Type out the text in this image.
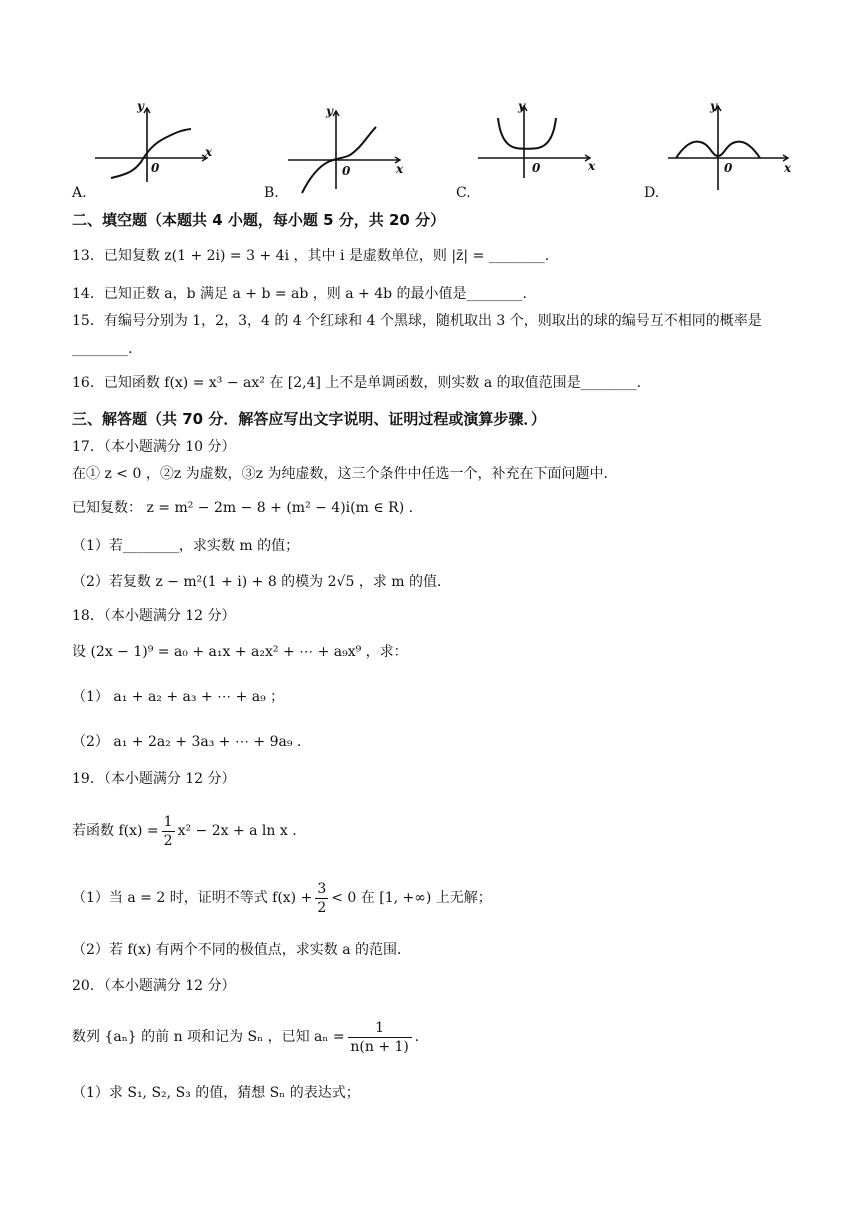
y
x
0
A.
y
x
0
B.
y
x
0
C.
y
x
0
D.
二、填空题（本题共 4 小题，每小题 5 分，共 20 分）
13．已知复数 z(1 + 2i) = 3 + 4i ，其中 i 是虚数单位，则 |z̄| = ________.
14．已知正数 a，b 满足 a + b = ab ，则 a + 4b 的最小值是________.
15．有编号分别为 1，2，3，4 的 4 个红球和 4 个黑球，随机取出 3 个，则取出的球的编号互不相同的概率是
________.
16．已知函数 f(x) = x³ − ax² 在 [2,4] 上不是单调函数，则实数 a 的取值范围是________.
三、解答题（共 70 分．解答应写出文字说明、证明过程或演算步骤．）
17．（本小题满分 10 分）
在① z < 0 ，②z 为虚数，③z 为纯虚数，这三个条件中任选一个，补充在下面问题中．
已知复数： z = m² − 2m − 8 + (m² − 4)i(m ∈ R) .
（1）若________，求实数 m 的值；
（2）若复数 z − m²(1 + i) + 8 的模为 2√5 ，求 m 的值．
18．（本小题满分 12 分）
设 (2x − 1)⁹ = a₀ + a₁x + a₂x² + ⋯ + a₉x⁹ ，求：
（1） a₁ + a₂ + a₃ + ⋯ + a₉ ；
（2） a₁ + 2a₂ + 3a₃ + ⋯ + 9a₉ .
19．（本小题满分 12 分）
若函数 $f(x) = \frac{1}{2} x^2 - 2x + a$ ln x .
（1）当 a = 2 时，证明不等式 $f(x) + \frac{3}{2} < 0$ 在 [1, +∞) 上无解；
（2）若 f(x) 有两个不同的极值点，求实数 a 的范围．
20．（本小题满分 12 分）
数列 {aₙ} 的前 n 项和记为 Sₙ ，已知 $a_n = \frac{1}{n(n + 1)}$ .
（1）求 S₁, S₂, S₃ 的值，猜想 Sₙ 的表达式；
